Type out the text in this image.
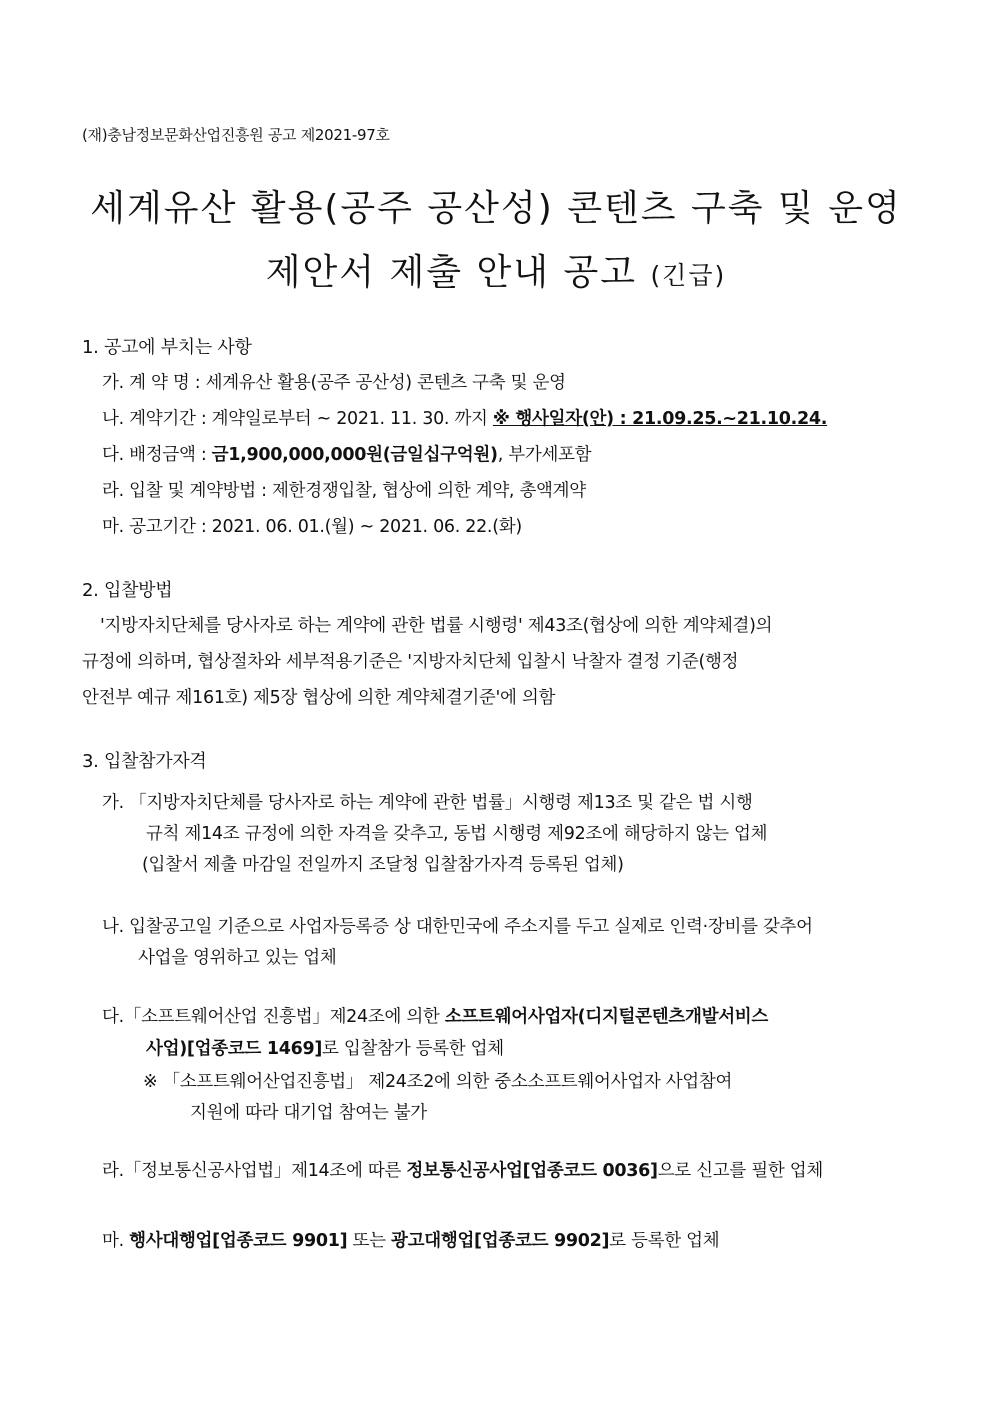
(재)충남정보문화산업진흥원 공고 제2021-97호
세계유산 활용(공주 공산성) 콘텐츠 구축 및 운영
제안서 제출 안내 공고 (긴급)
1. 공고에 부치는 사항
가. 계 약 명 : 세계유산 활용(공주 공산성) 콘텐츠 구축 및 운영
나. 계약기간 : 계약일로부터 ~ 2021. 11. 30. 까지 ※ 행사일자(안) : 21.09.25.~21.10.24.
다. 배정금액 : 금1,900,000,000원(금일십구억원), 부가세포함
라. 입찰 및 계약방법 : 제한경쟁입찰, 협상에 의한 계약, 총액계약
마. 공고기간 : 2021. 06. 01.(월) ~ 2021. 06. 22.(화)
2. 입찰방법
'지방자치단체를 당사자로 하는 계약에 관한 법률 시행령' 제43조(협상에 의한 계약체결)의
규정에 의하며, 협상절차와 세부적용기준은 '지방자치단체 입찰시 낙찰자 결정 기준(행정
안전부 예규 제161호) 제5장 협상에 의한 계약체결기준'에 의함
3. 입찰참가자격
가. 「지방자치단체를 당사자로 하는 계약에 관한 법률」시행령 제13조 및 같은 법 시행
규칙 제14조 규정에 의한 자격을 갖추고, 동법 시행령 제92조에 해당하지 않는 업체
(입찰서 제출 마감일 전일까지 조달청 입찰참가자격 등록된 업체)
나. 입찰공고일 기준으로 사업자등록증 상 대한민국에 주소지를 두고 실제로 인력·장비를 갖추어
사업을 영위하고 있는 업체
다.「소프트웨어산업 진흥법」제24조에 의한 소프트웨어사업자(디지털콘텐츠개발서비스
사업)[업종코드 1469]로 입찰참가 등록한 업체
※ 「소프트웨어산업진흥법」 제24조2에 의한 중소소프트웨어사업자 사업참여
지원에 따라 대기업 참여는 불가
라.「정보통신공사업법」제14조에 따른 정보통신공사업[업종코드 0036]으로 신고를 필한 업체
마. 행사대행업[업종코드 9901] 또는 광고대행업[업종코드 9902]로 등록한 업체
